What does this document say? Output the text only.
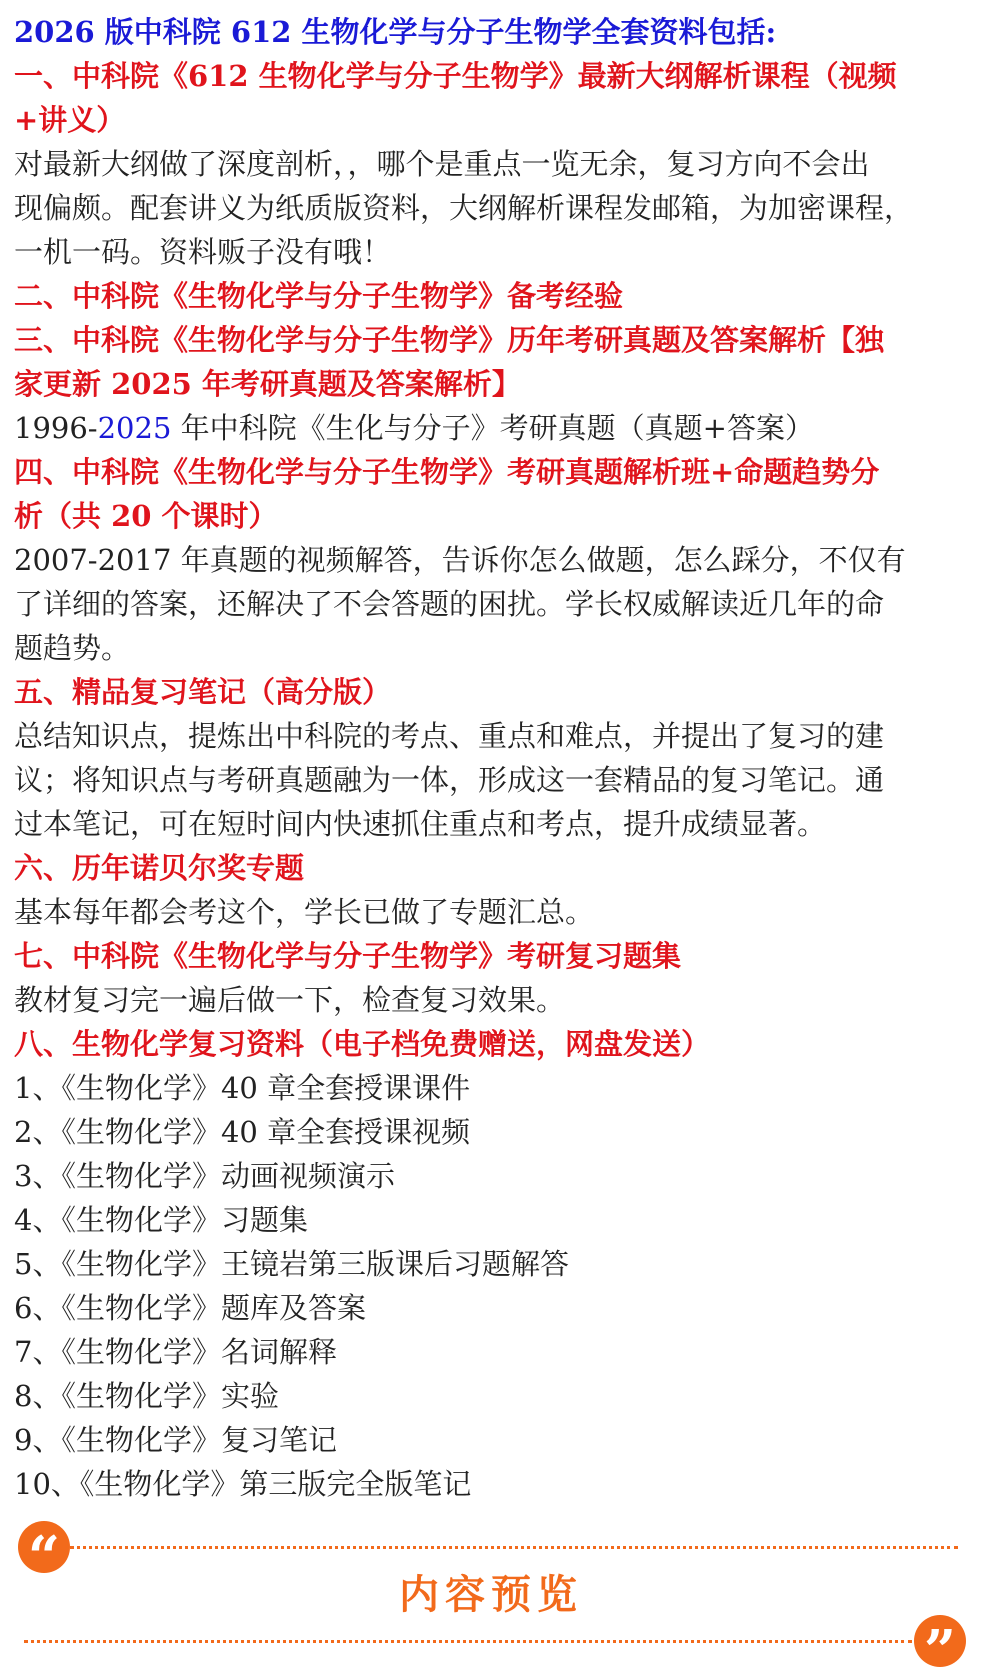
2026 版中科院 612 生物化学与分子生物学全套资料包括:

一、中科院《612 生物化学与分子生物学》最新大纲解析课程（视频

+讲义）

对最新大纲做了深度剖析，，哪个是重点一览无余，复习方向不会出

现偏颇。配套讲义为纸质版资料，大纲解析课程发邮箱，为加密课程，

一机一码。资料贩子没有哦！

二、中科院《生物化学与分子生物学》备考经验

三、中科院《生物化学与分子生物学》历年考研真题及答案解析【独

家更新 2025 年考研真题及答案解析】

1996-2025 年中科院《生化与分子》考研真题（真题+答案）

四、中科院《生物化学与分子生物学》考研真题解析班+命题趋势分

析（共 20 个课时）

2007-2017 年真题的视频解答，告诉你怎么做题，怎么踩分，不仅有

了详细的答案，还解决了不会答题的困扰。学长权威解读近几年的命

题趋势。

五、精品复习笔记（高分版）

总结知识点，提炼出中科院的考点、重点和难点，并提出了复习的建

议；将知识点与考研真题融为一体，形成这一套精品的复习笔记。通

过本笔记，可在短时间内快速抓住重点和考点，提升成绩显著。

六、历年诺贝尔奖专题

基本每年都会考这个，学长已做了专题汇总。

七、中科院《生物化学与分子生物学》考研复习题集

教材复习完一遍后做一下，检查复习效果。

八、生物化学复习资料（电子档免费赠送，网盘发送）

1、《生物化学》40 章全套授课课件

2、《生物化学》40 章全套授课视频

3、《生物化学》动画视频演示

4、《生物化学》习题集

5、《生物化学》王镜岩第三版课后习题解答

6、《生物化学》题库及答案

7、《生物化学》名词解释

8、《生物化学》实验

9、《生物化学》复习笔记

10、《生物化学》第三版完全版笔记

“
内容预览
”
